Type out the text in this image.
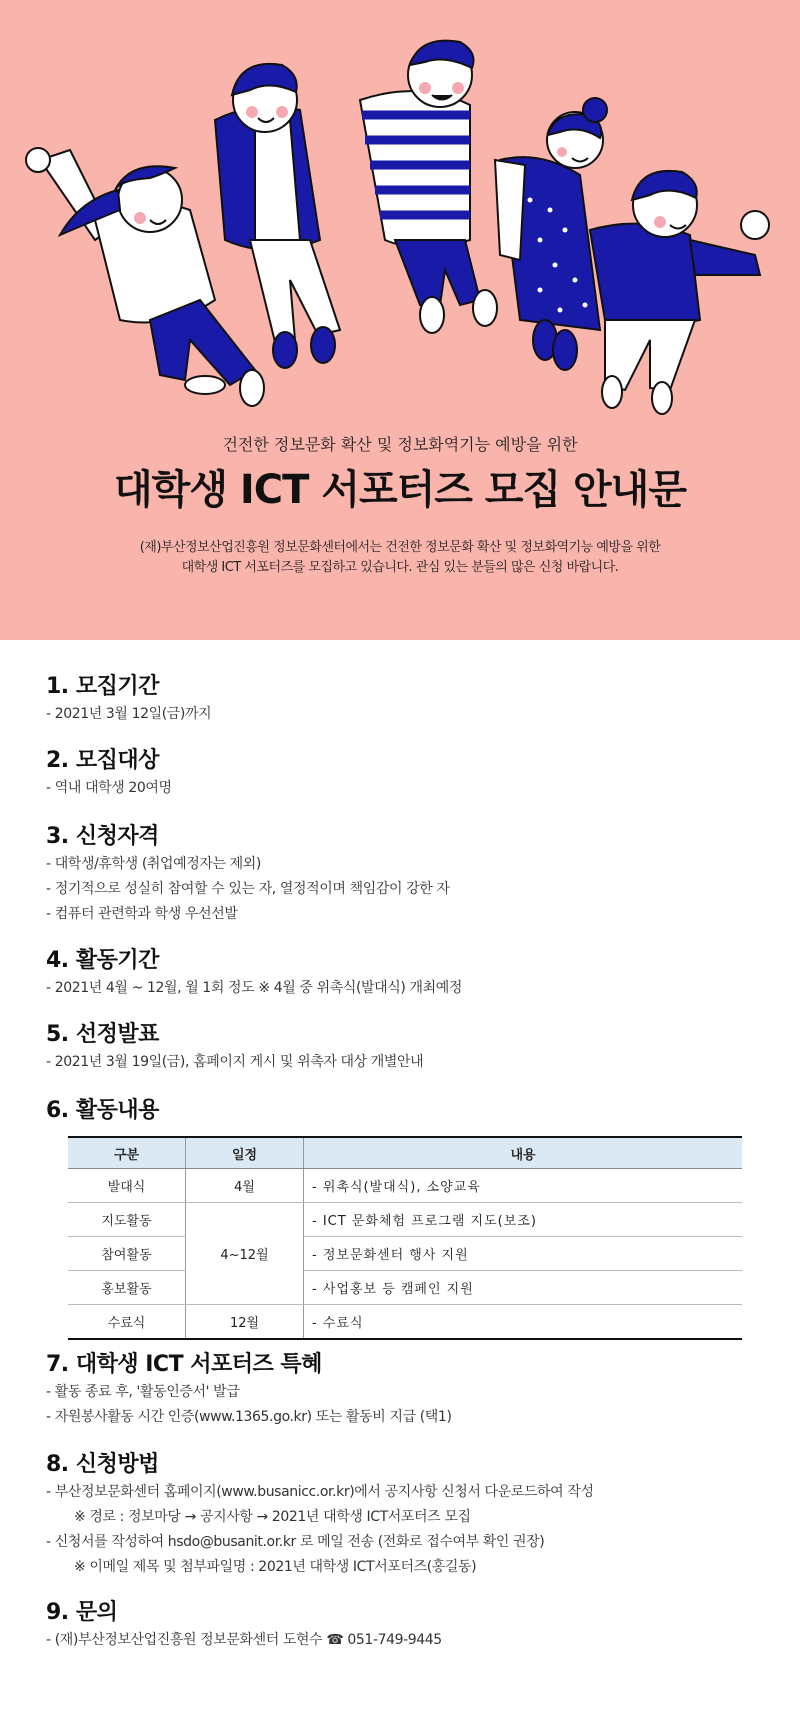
건전한 정보문화 확산 및 정보화역기능 예방을 위한
대학생 ICT 서포터즈 모집 안내문
(재)부산정보산업진흥원 정보문화센터에서는 건전한 정보문화 확산 및 정보화역기능 예방을 위한
대학생 ICT 서포터즈를 모집하고 있습니다. 관심 있는 분들의 많은 신청 바랍니다.
1. 모집기간
- 2021년 3월 12일(금)까지
2. 모집대상
- 역내 대학생 20여명
3. 신청자격
- 대학생/휴학생 (취업예정자는 제외)
- 정기적으로 성실히 참여할 수 있는 자, 열정적이며 책임감이 강한 자
- 컴퓨터 관련학과 학생 우선선발
4. 활동기간
- 2021년 4월 ~ 12월, 월 1회 정도 ※ 4월 중 위촉식(발대식) 개최예정
5. 선정발표
- 2021년 3월 19일(금), 홈페이지 게시 및 위촉자 대상 개별안내
6. 활동내용
구분	일정	내용
발대식	4월	- 위촉식(발대식), 소양교육
지도활동	4~12월	- ICT 문화체험 프로그램 지도(보조)
참여활동		- 정보문화센터 행사 지원
홍보활동		- 사업홍보 등 캠페인 지원
수료식	12월	- 수료식
7. 대학생 ICT 서포터즈 특혜
- 활동 종료 후, '활동인증서' 발급
- 자원봉사활동 시간 인증(www.1365.go.kr) 또는 활동비 지급 (택1)
8. 신청방법
- 부산정보문화센터 홈페이지(www.busanicc.or.kr)에서 공지사항 신청서 다운로드하여 작성
※ 경로 : 정보마당 → 공지사항 → 2021년 대학생 ICT서포터즈 모집
- 신청서를 작성하여 hsdo@busanit.or.kr 로 메일 전송 (전화로 접수여부 확인 권장)
※ 이메일 제목 및 첨부파일명 : 2021년 대학생 ICT서포터즈(홍길동)
9. 문의
- (재)부산정보산업진흥원 정보문화센터 도현수 ☎ 051-749-9445
